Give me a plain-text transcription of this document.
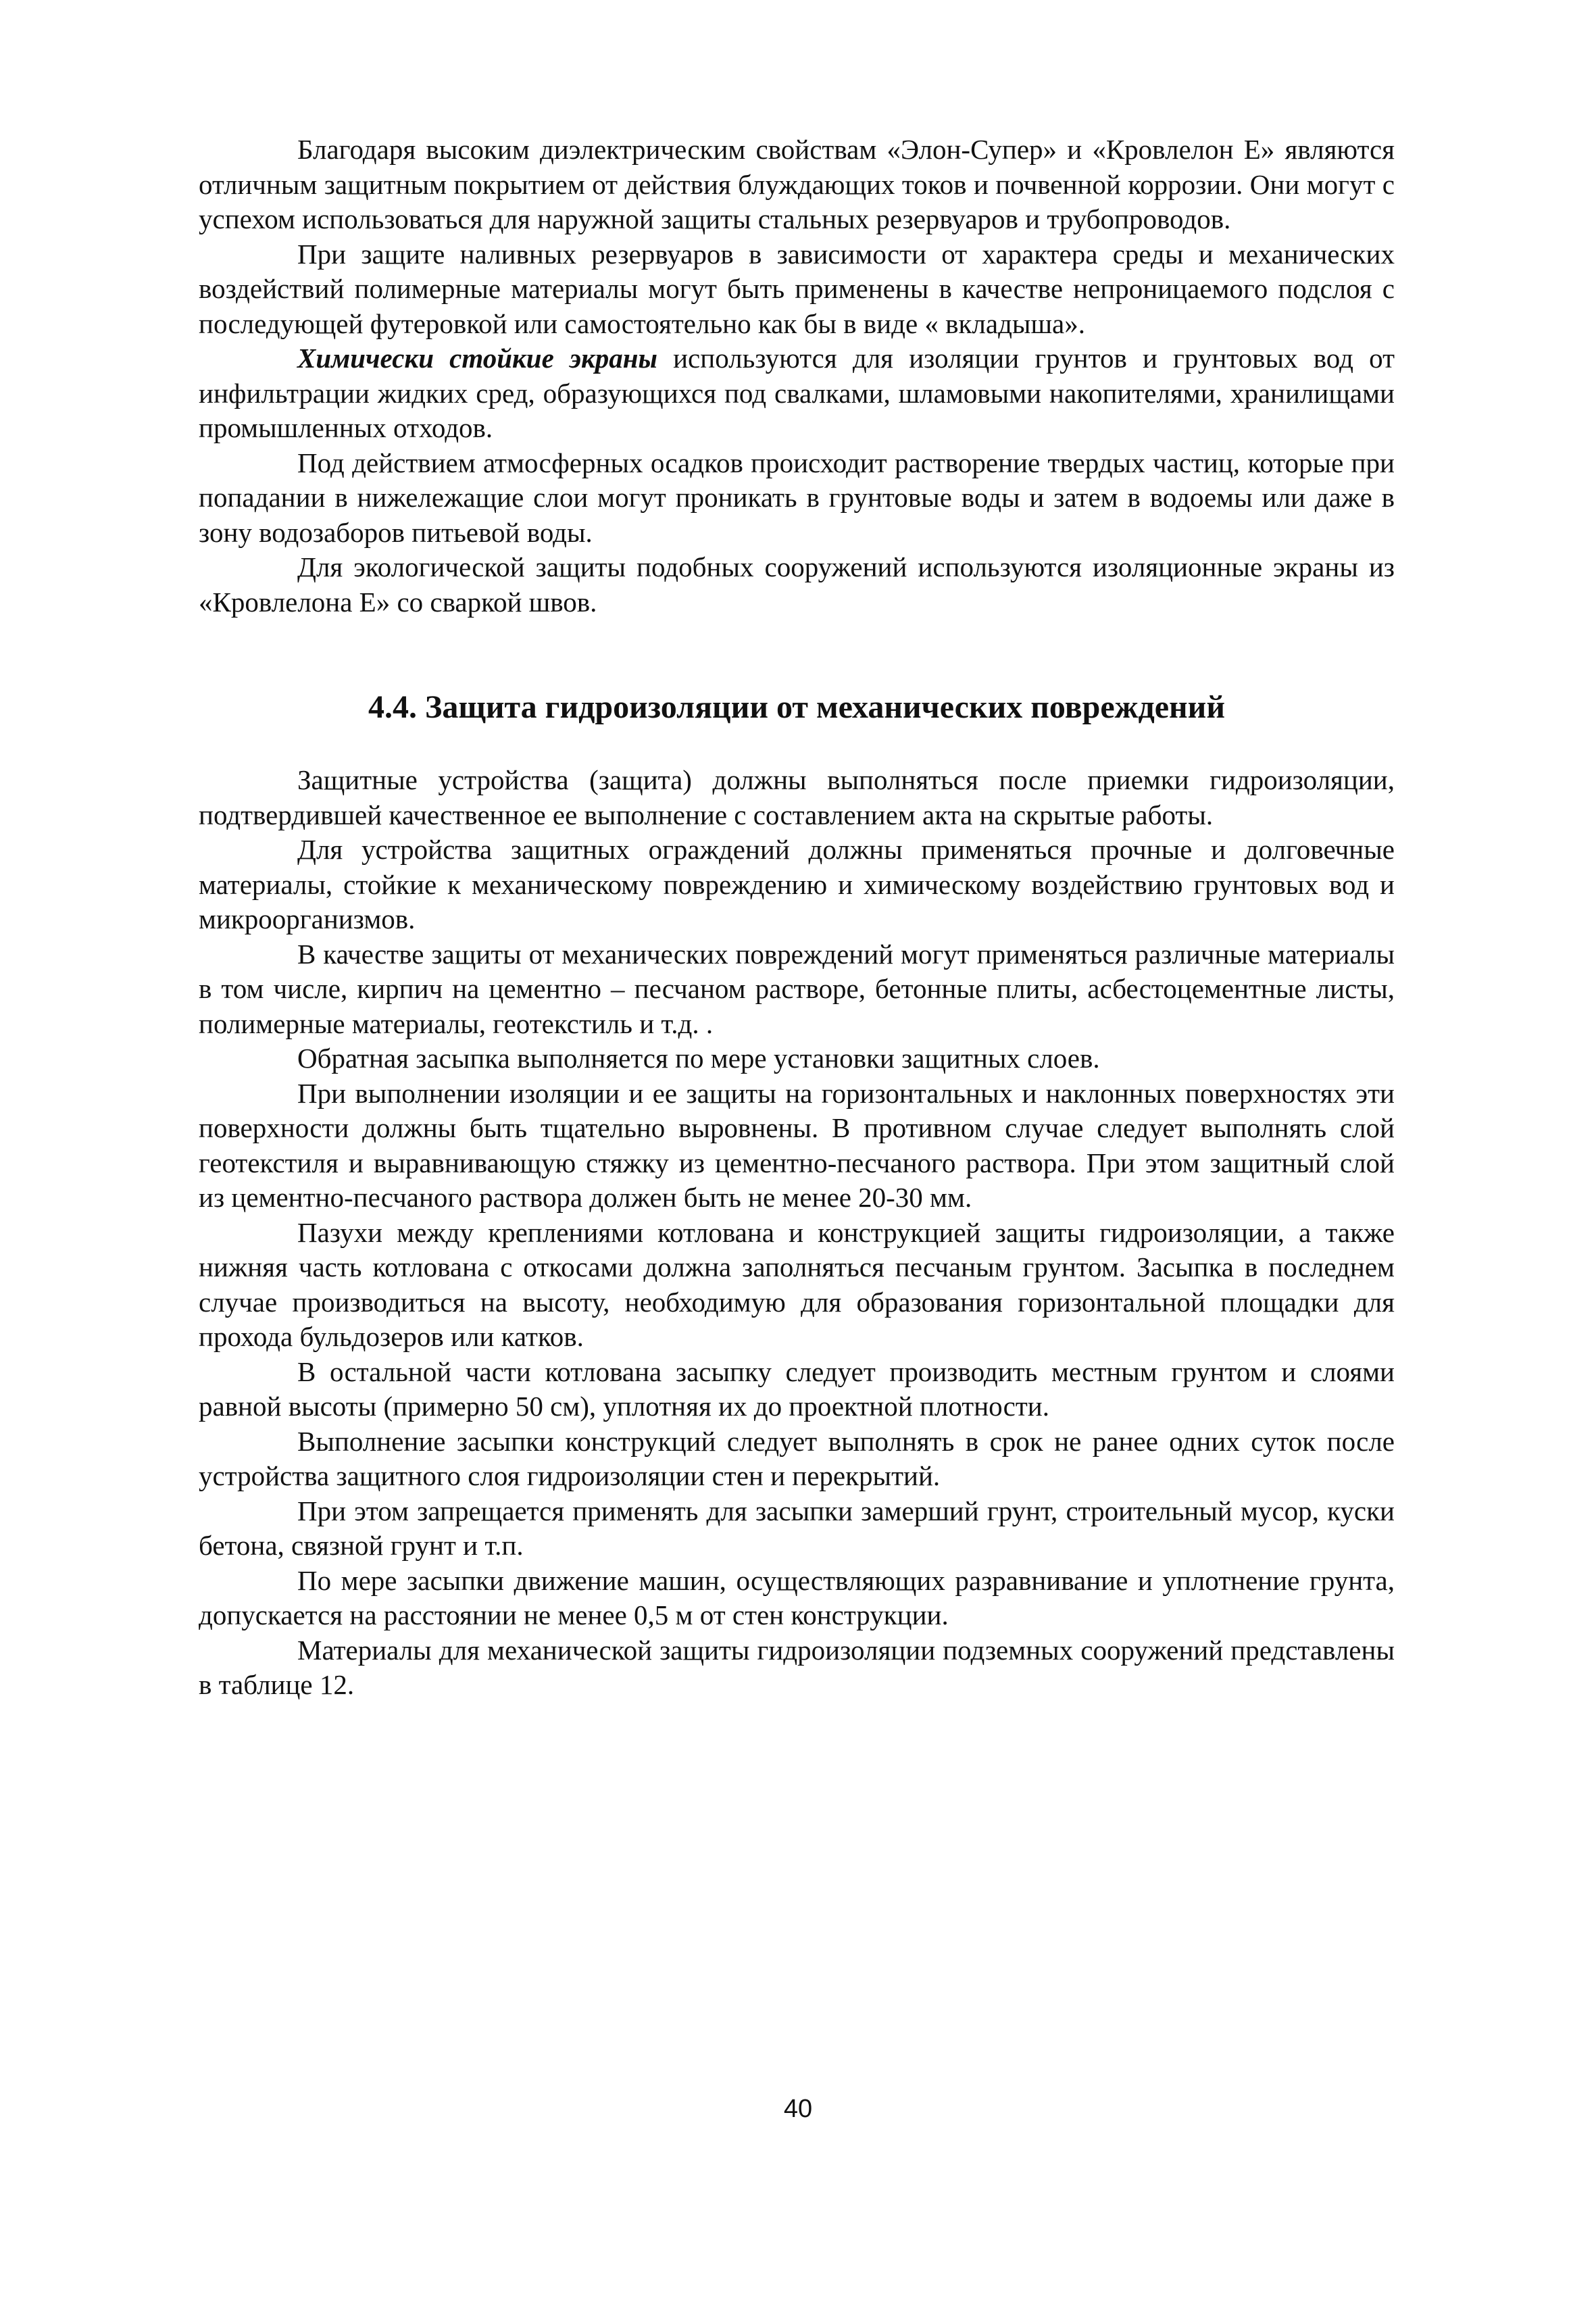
Благодаря высоким диэлектрическим свойствам «Элон-Супер» и «Кровлелон Е» являются отличным защитным покрытием от действия блуждающих токов и почвенной коррозии. Они могут с успехом использоваться для наружной защиты стальных резервуаров и трубопроводов.

При защите наливных резервуаров в зависимости от характера среды и механических воздействий полимерные материалы могут быть применены в качестве непроницаемого подслоя с последующей футеровкой или самостоятельно как бы в виде « вкладыша».

Химически стойкие экраны используются для изоляции грунтов и грунтовых вод от инфильтрации жидких сред, образующихся под свалками, шламовыми накопителями, хранилищами промышленных отходов.

Под действием атмосферных осадков происходит растворение твердых частиц, которые при попадании в нижележащие слои могут проникать в грунтовые воды и затем в водоемы или даже в зону водозаборов питьевой воды.

Для экологической защиты подобных сооружений используются изоляционные экраны из «Кровлелона Е» со сваркой швов.

4.4. Защита гидроизоляции от механических повреждений

Защитные устройства (защита) должны выполняться после приемки гидроизоляции, подтвердившей качественное ее выполнение с составлением акта на скрытые работы.

Для устройства защитных ограждений должны применяться прочные и долговечные материалы, стойкие к механическому повреждению и химическому воздействию грунтовых вод и микроорганизмов.

В качестве защиты от механических повреждений могут применяться различные материалы в том числе, кирпич на цементно – песчаном растворе, бетонные плиты, асбестоцементные листы, полимерные материалы, геотекстиль и т.д. .

Обратная засыпка выполняется по мере установки защитных слоев.

При выполнении изоляции и ее защиты на горизонтальных и наклонных поверхностях эти поверхности должны быть тщательно выровнены. В противном случае следует выполнять слой геотекстиля и выравнивающую стяжку из цементно-песчаного раствора. При этом защитный слой из цементно-песчаного раствора должен быть не менее 20-30 мм.

Пазухи между креплениями котлована и конструкцией защиты гидроизоляции, а также нижняя часть котлована с откосами должна заполняться песчаным грунтом. Засыпка в последнем случае производиться на высоту, необходимую для образования горизонтальной площадки для прохода бульдозеров или катков.

В остальной части котлована засыпку следует производить местным грунтом и слоями равной высоты (примерно 50 см), уплотняя их до проектной плотности.

Выполнение засыпки конструкций следует выполнять в срок не ранее одних суток после устройства защитного слоя гидроизоляции стен и перекрытий.

При этом запрещается применять для засыпки замерший грунт, строительный мусор, куски бетона, связной грунт и т.п.

По мере засыпки движение машин, осуществляющих разравнивание и уплотнение грунта, допускается на расстоянии не менее 0,5 м от стен конструкции.

Материалы для механической защиты гидроизоляции подземных сооружений представлены в таблице 12.

40
